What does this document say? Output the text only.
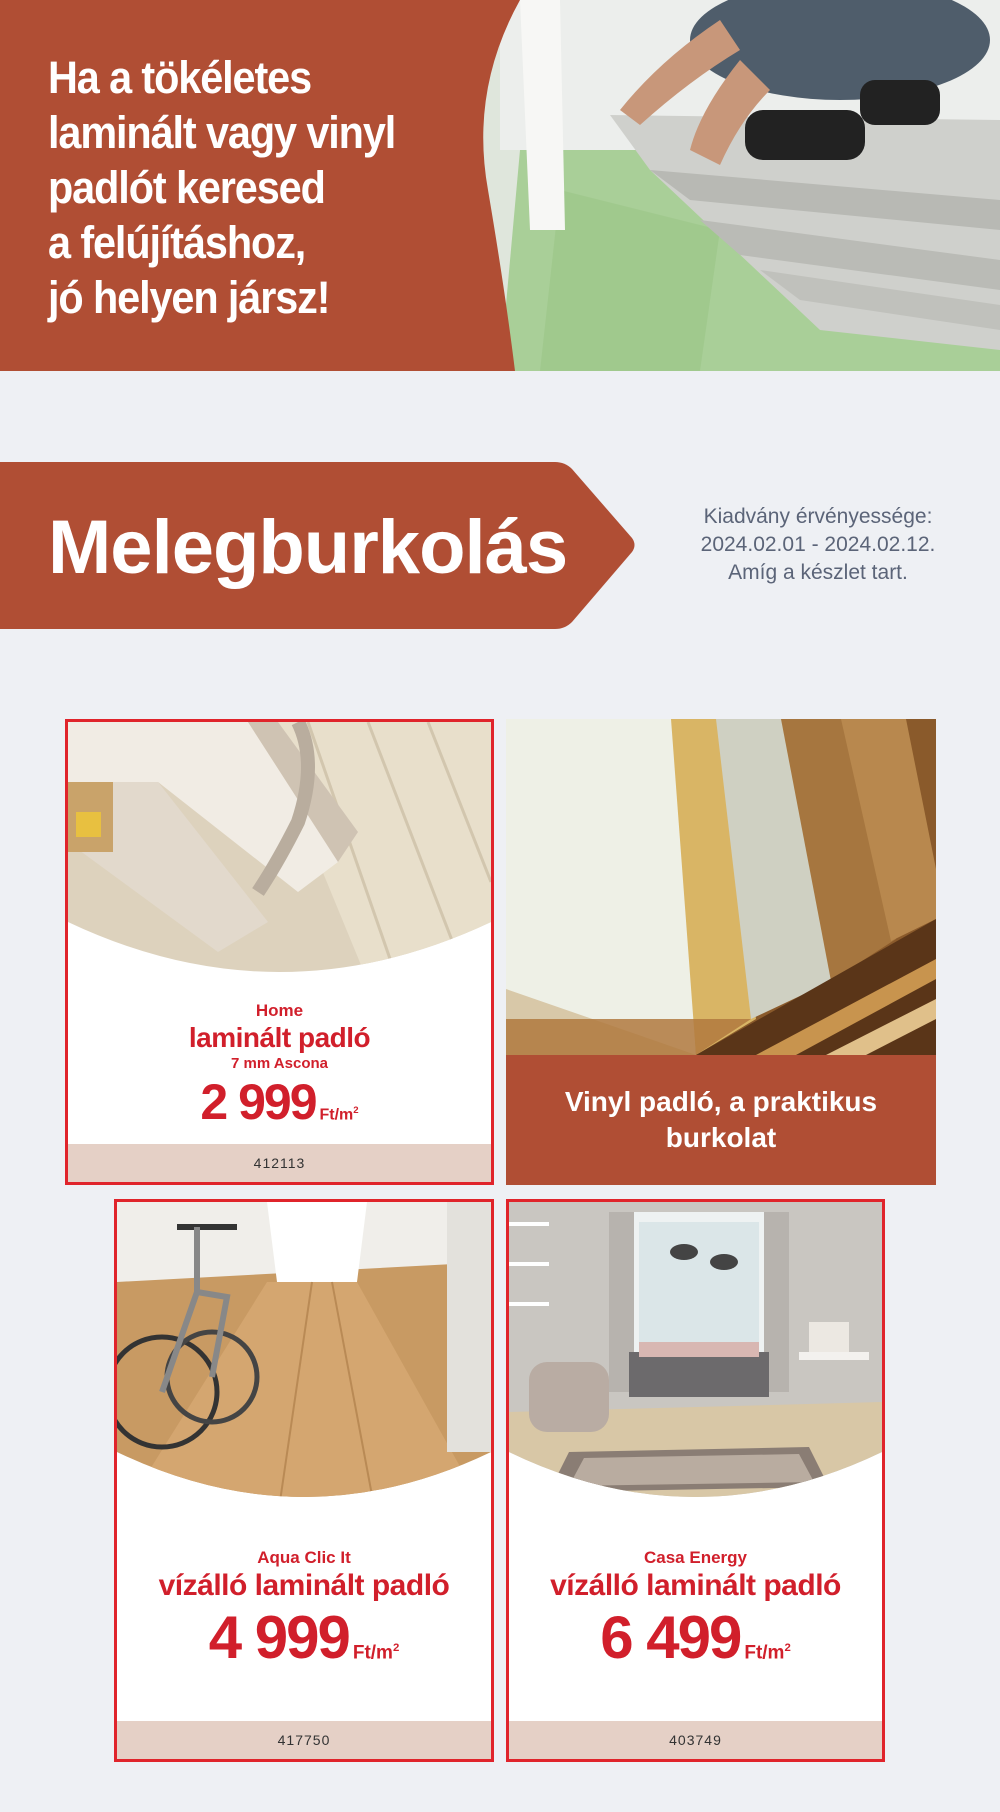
Ha a tökéletes
laminált vagy vinyl
padlót keresed
a felújításhoz,
jó helyen jársz!
Melegburkolás	Kiadvány érvényessége:
2024.02.01 - 2024.02.12.
Amíg a készlet tart.
Home
laminált padló
7 mm Ascona
2 999 $Ft/m^2$
412113
Vinyl padló, a praktikus burkolat
Aqua Clic It
vízálló laminált padló
4 999 $Ft/m^2$
417750
Casa Energy
vízálló laminált padló
6 499 $Ft/m^2$
403749
